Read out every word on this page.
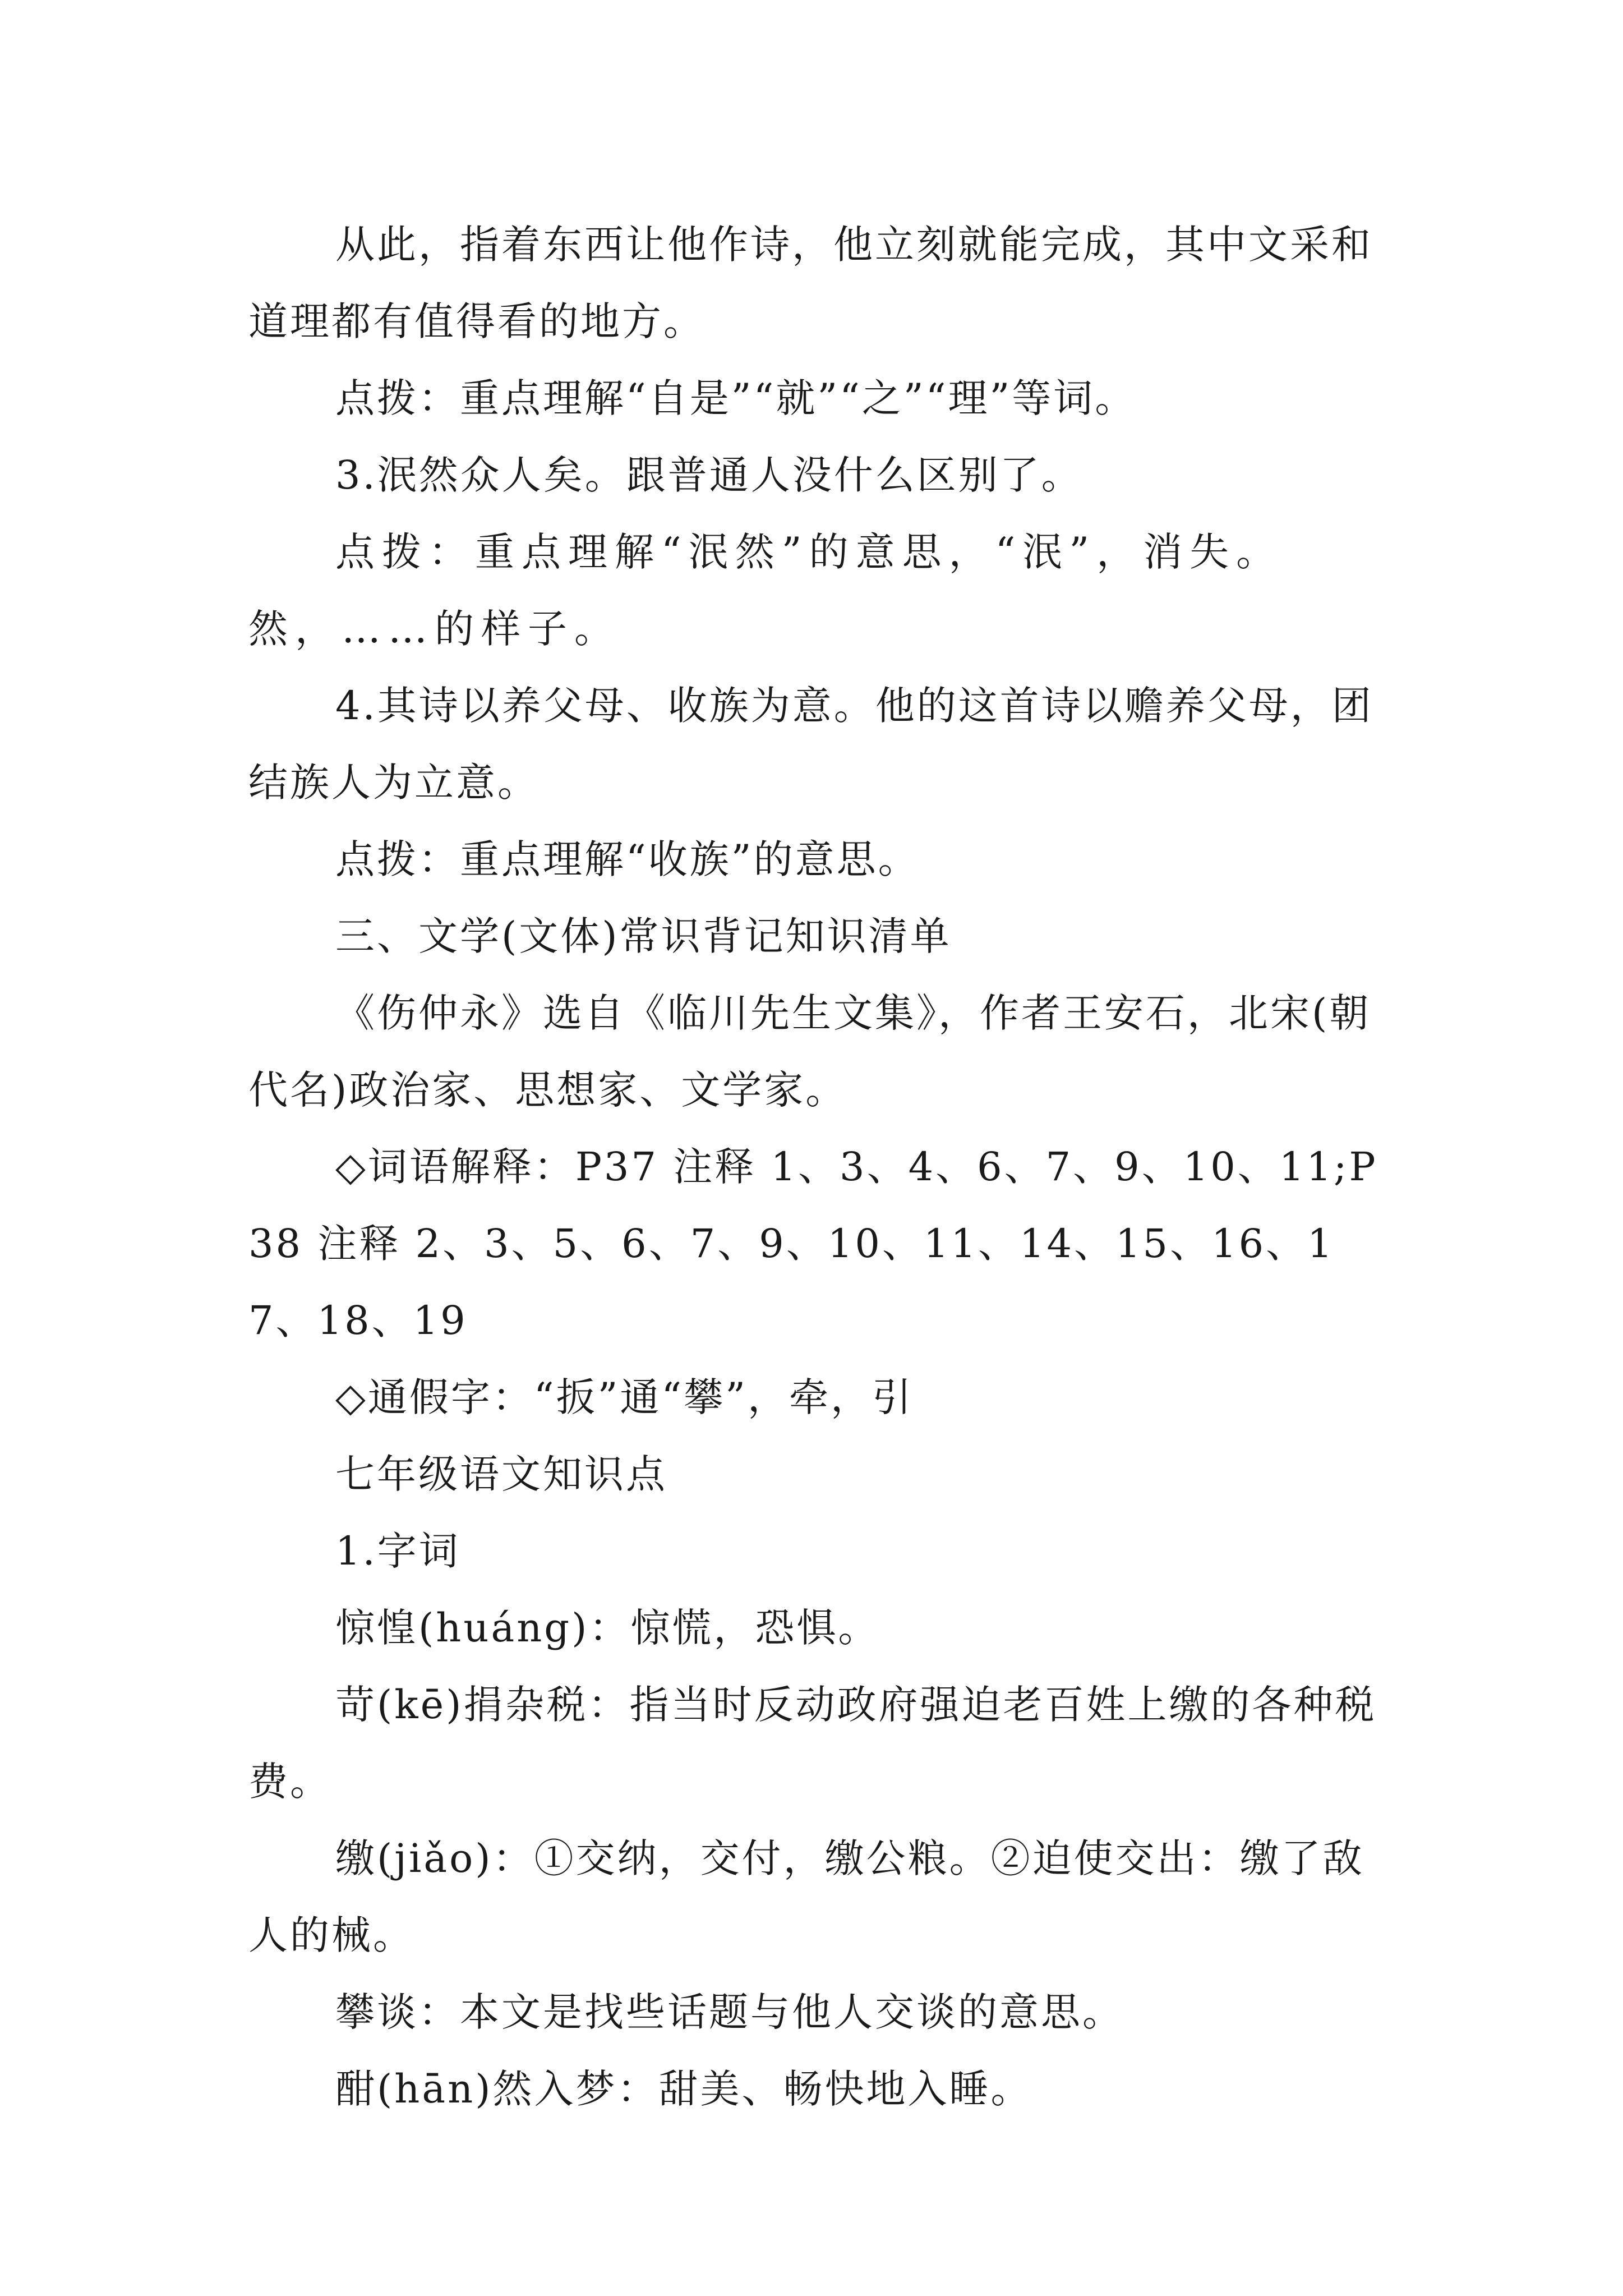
从此，指着东西让他作诗，他立刻就能完成，其中文采和道理都有值得看的地方。

点拨：重点理解“自是”“就”“之”“理”等词。

3.泯然众人矣。跟普通人没什么区别了。

点拨：重点理解“泯然”的意思，“泯”，消失。然，……的样子。

4.其诗以养父母、收族为意。他的这首诗以赡养父母，团结族人为立意。

点拨：重点理解“收族”的意思。

三、文学(文体)常识背记知识清单

《伤仲永》选自《临川先生文集》，作者王安石，北宋(朝代名)政治家、思想家、文学家。

◇词语解释：P37 注释 1、3、4、6、7、9、10、11;P38 注释 2、3、5、6、7、9、10、11、14、15、16、17、18、19

◇通假字：“扳”通“攀”，牵，引

七年级语文知识点

1.字词

惊惶(huáng)：惊慌，恐惧。

苛(kē)捐杂税：指当时反动政府强迫老百姓上缴的各种税费。

缴(jiǎo)：①交纳，交付，缴公粮。②迫使交出：缴了敌人的械。

攀谈：本文是找些话题与他人交谈的意思。

酣(hān)然入梦：甜美、畅快地入睡。
